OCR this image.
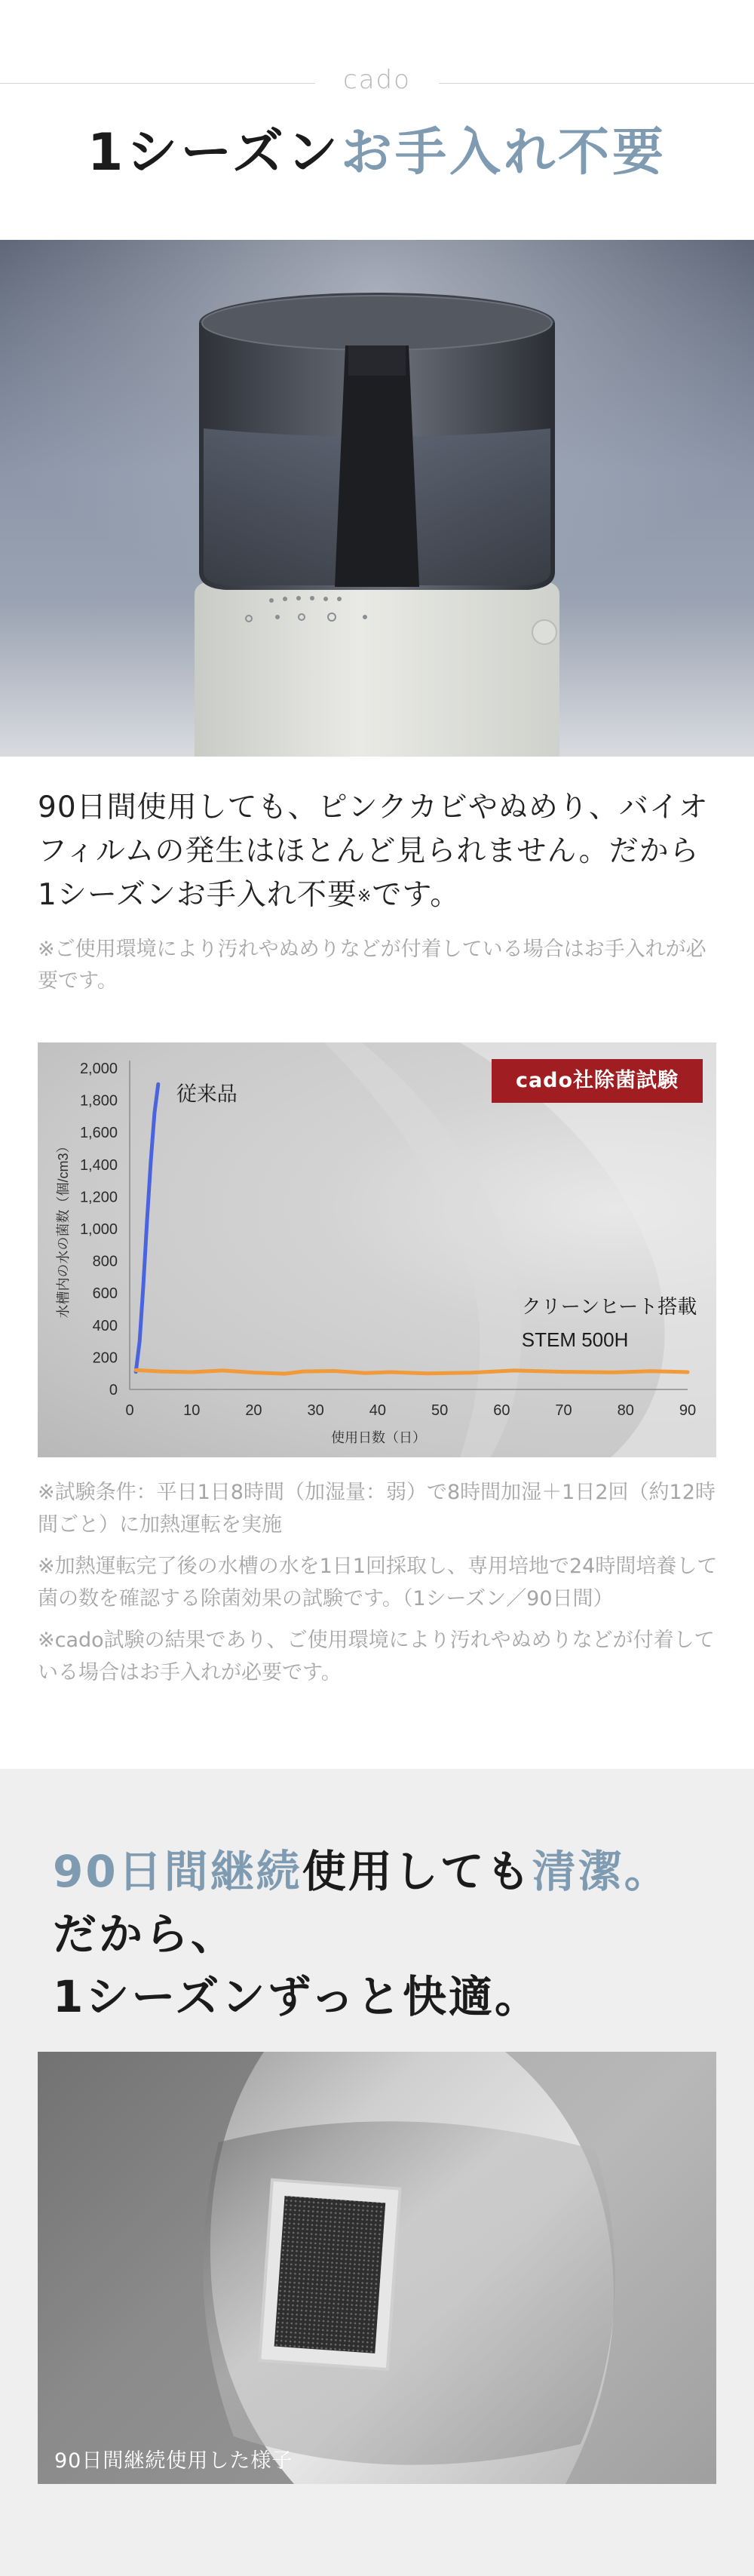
cado
1シーズンお手入れ不要
90日間使用しても、ピンクカビやぬめり、バイオ
フィルムの発生はほとんど見られません。だから
1シーズンお手入れ不要※です。
※ご使用環境により汚れやぬめりなどが付着している場合はお手入れが必要です。
0
200
400
600
800
1,000
1,200
1,400
1,600
1,800
2,000
0	10	20	30	40	50	60	70	80	90
使用日数（日）
水槽内の水の菌数（個/cm3）
従来品
クリーンヒート搭載
STEM 500H
cado社除菌試験

※試験条件：平日1日8時間（加湿量：弱）で8時間加湿＋1日2回（約12時間ごと）に加熱運転を実施

※加熱運転完了後の水槽の水を1日1回採取し、専用培地で24時間培養して菌の数を確認する除菌効果の試験です。（1シーズン／90日間）

※cado試験の結果であり、ご使用環境により汚れやぬめりなどが付着している場合はお手入れが必要です。

90日間継続使用しても清潔。
だから、
1シーズンずっと快適。
90日間継続使用した様子
